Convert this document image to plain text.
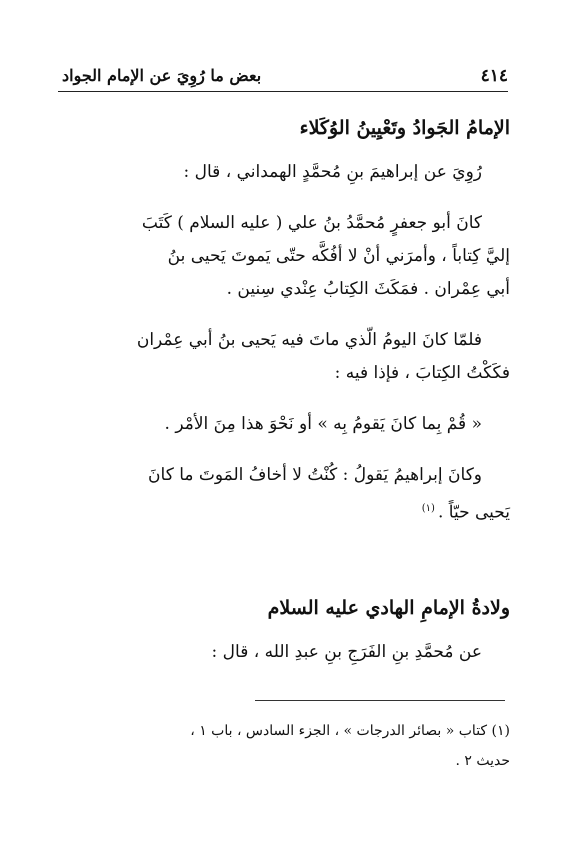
٤١٤
بعض ما رُوِيَ عن الإمام الجواد
الإمامُ الجَوادُ وتَعْيِينُ الوُكَلاء

رُوِيَ عن إبراهيمَ بنِ مُحمَّدٍ الهمداني ، قال :

كانَ أبو جعفرٍ مُحمَّدُ بنُ علي ( عليه السلام ) كَتَبَ

إليَّ كِتاباً ، وأمرَني أنْ لا أفُكَّه حتّى يَموتَ يَحيى بنُ

أبي عِمْران . فمَكَثَ الكِتابُ عِنْدي سِنين .

فلمّا كانَ اليومُ الّذي ماتَ فيه يَحيى بنُ أبي عِمْران

فكَكْتُ الكِتابَ ، فإذا فيه :

« قُمْ بِما كانَ يَقومُ بِه » أو نَحْوَ هذا مِنَ الأمْر .

وكانَ إبراهيمُ يَقولُ : كُنْتُ لا أخافُ المَوتَ ما كانَ

يَحيى حيّاً .$^{(١)}$

ولادةُ الإمامِ الهادي عليه السلام

عن مُحمَّدِ بنِ الفَرَجِ بنِ عبدِ الله ، قال :

(١) كتاب « بصائر الدرجات » ، الجزء السادس ، باب ١ ،
حديث ٢ .
